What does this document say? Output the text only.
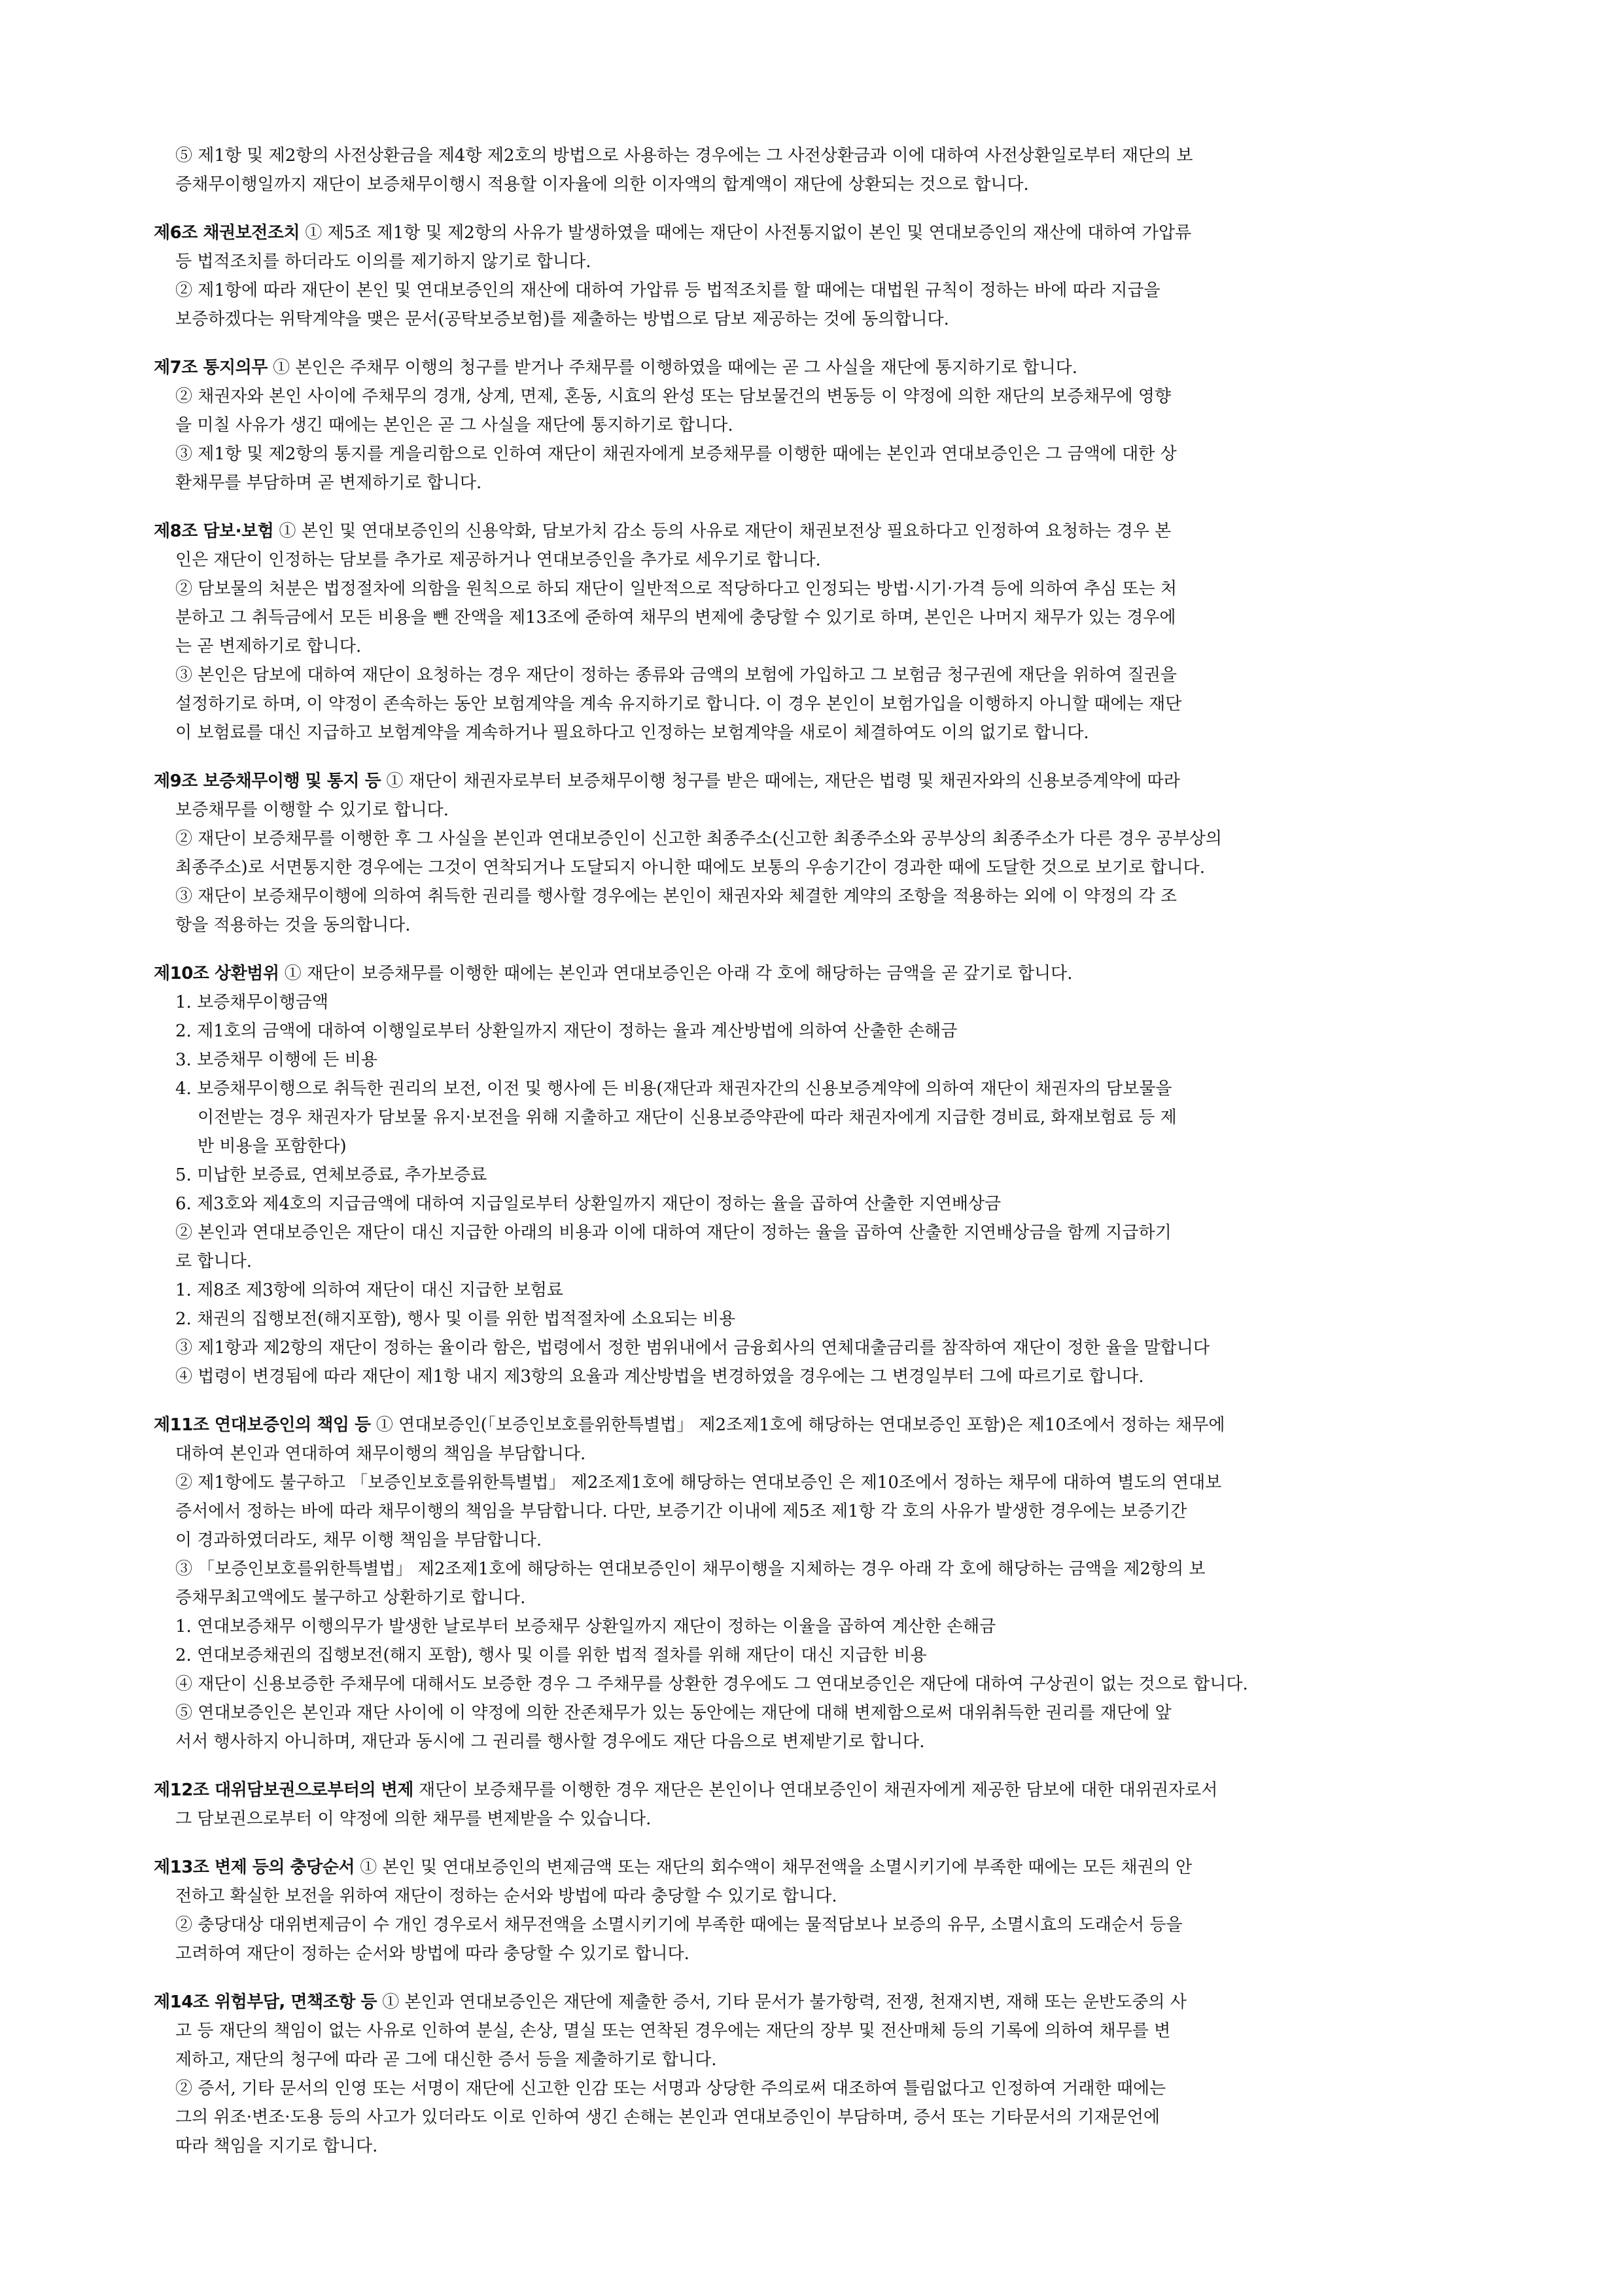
⑤ 제1항 및 제2항의 사전상환금을 제4항 제2호의 방법으로 사용하는 경우에는 그 사전상환금과 이에 대하여 사전상환일로부터 재단의 보
증채무이행일까지 재단이 보증채무이행시 적용할 이자율에 의한 이자액의 합계액이 재단에 상환되는 것으로 합니다.
제6조 채권보전조치 ① 제5조 제1항 및 제2항의 사유가 발생하였을 때에는 재단이 사전통지없이 본인 및 연대보증인의 재산에 대하여 가압류
등 법적조치를 하더라도 이의를 제기하지 않기로 합니다.
② 제1항에 따라 재단이 본인 및 연대보증인의 재산에 대하여 가압류 등 법적조치를 할 때에는 대법원 규칙이 정하는 바에 따라 지급을
보증하겠다는 위탁계약을 맺은 문서(공탁보증보험)를 제출하는 방법으로 담보 제공하는 것에 동의합니다.
제7조 통지의무 ① 본인은 주채무 이행의 청구를 받거나 주채무를 이행하였을 때에는 곧 그 사실을 재단에 통지하기로 합니다.
② 채권자와 본인 사이에 주채무의 경개, 상계, 면제, 혼동, 시효의 완성 또는 담보물건의 변동등 이 약정에 의한 재단의 보증채무에 영향
을 미칠 사유가 생긴 때에는 본인은 곧 그 사실을 재단에 통지하기로 합니다.
③ 제1항 및 제2항의 통지를 게을리함으로 인하여 재단이 채권자에게 보증채무를 이행한 때에는 본인과 연대보증인은 그 금액에 대한 상
환채무를 부담하며 곧 변제하기로 합니다.
제8조 담보·보험 ① 본인 및 연대보증인의 신용악화, 담보가치 감소 등의 사유로 재단이 채권보전상 필요하다고 인정하여 요청하는 경우 본
인은 재단이 인정하는 담보를 추가로 제공하거나 연대보증인을 추가로 세우기로 합니다.
② 담보물의 처분은 법정절차에 의함을 원칙으로 하되 재단이 일반적으로 적당하다고 인정되는 방법·시기·가격 등에 의하여 추심 또는 처
분하고 그 취득금에서 모든 비용을 뺀 잔액을 제13조에 준하여 채무의 변제에 충당할 수 있기로 하며, 본인은 나머지 채무가 있는 경우에
는 곧 변제하기로 합니다.
③ 본인은 담보에 대하여 재단이 요청하는 경우 재단이 정하는 종류와 금액의 보험에 가입하고 그 보험금 청구권에 재단을 위하여 질권을
설정하기로 하며, 이 약정이 존속하는 동안 보험계약을 계속 유지하기로 합니다. 이 경우 본인이 보험가입을 이행하지 아니할 때에는 재단
이 보험료를 대신 지급하고 보험계약을 계속하거나 필요하다고 인정하는 보험계약을 새로이 체결하여도 이의 없기로 합니다.
제9조 보증채무이행 및 통지 등 ① 재단이 채권자로부터 보증채무이행 청구를 받은 때에는, 재단은 법령 및 채권자와의 신용보증계약에 따라
보증채무를 이행할 수 있기로 합니다.
② 재단이 보증채무를 이행한 후 그 사실을 본인과 연대보증인이 신고한 최종주소(신고한 최종주소와 공부상의 최종주소가 다른 경우 공부상의
최종주소)로 서면통지한 경우에는 그것이 연착되거나 도달되지 아니한 때에도 보통의 우송기간이 경과한 때에 도달한 것으로 보기로 합니다.
③ 재단이 보증채무이행에 의하여 취득한 권리를 행사할 경우에는 본인이 채권자와 체결한 계약의 조항을 적용하는 외에 이 약정의 각 조
항을 적용하는 것을 동의합니다.
제10조 상환범위 ① 재단이 보증채무를 이행한 때에는 본인과 연대보증인은 아래 각 호에 해당하는 금액을 곧 갚기로 합니다.
1. 보증채무이행금액
2. 제1호의 금액에 대하여 이행일로부터 상환일까지 재단이 정하는 율과 계산방법에 의하여 산출한 손해금
3. 보증채무 이행에 든 비용
4. 보증채무이행으로 취득한 권리의 보전, 이전 및 행사에 든 비용(재단과 채권자간의 신용보증계약에 의하여 재단이 채권자의 담보물을
이전받는 경우 채권자가 담보물 유지·보전을 위해 지출하고 재단이 신용보증약관에 따라 채권자에게 지급한 경비료, 화재보험료 등 제
반 비용을 포함한다)
5. 미납한 보증료, 연체보증료, 추가보증료
6. 제3호와 제4호의 지급금액에 대하여 지급일로부터 상환일까지 재단이 정하는 율을 곱하여 산출한 지연배상금
② 본인과 연대보증인은 재단이 대신 지급한 아래의 비용과 이에 대하여 재단이 정하는 율을 곱하여 산출한 지연배상금을 함께 지급하기
로 합니다.
1. 제8조 제3항에 의하여 재단이 대신 지급한 보험료
2. 채권의 집행보전(해지포함), 행사 및 이를 위한 법적절차에 소요되는 비용
③ 제1항과 제2항의 재단이 정하는 율이라 함은, 법령에서 정한 범위내에서 금융회사의 연체대출금리를 참작하여 재단이 정한 율을 말합니다
④ 법령이 변경됨에 따라 재단이 제1항 내지 제3항의 요율과 계산방법을 변경하였을 경우에는 그 변경일부터 그에 따르기로 합니다.
제11조 연대보증인의 책임 등 ① 연대보증인(「보증인보호를위한특별법」 제2조제1호에 해당하는 연대보증인 포함)은 제10조에서 정하는 채무에
대하여 본인과 연대하여 채무이행의 책임을 부담합니다.
② 제1항에도 불구하고 「보증인보호를위한특별법」 제2조제1호에 해당하는 연대보증인 은 제10조에서 정하는 채무에 대하여 별도의 연대보
증서에서 정하는 바에 따라 채무이행의 책임을 부담합니다. 다만, 보증기간 이내에 제5조 제1항 각 호의 사유가 발생한 경우에는 보증기간
이 경과하였더라도, 채무 이행 책임을 부담합니다.
③ 「보증인보호를위한특별법」 제2조제1호에 해당하는 연대보증인이 채무이행을 지체하는 경우 아래 각 호에 해당하는 금액을 제2항의 보
증채무최고액에도 불구하고 상환하기로 합니다.
1. 연대보증채무 이행의무가 발생한 날로부터 보증채무 상환일까지 재단이 정하는 이율을 곱하여 계산한 손해금
2. 연대보증채권의 집행보전(해지 포함), 행사 및 이를 위한 법적 절차를 위해 재단이 대신 지급한 비용
④ 재단이 신용보증한 주채무에 대해서도 보증한 경우 그 주채무를 상환한 경우에도 그 연대보증인은 재단에 대하여 구상권이 없는 것으로 합니다.
⑤ 연대보증인은 본인과 재단 사이에 이 약정에 의한 잔존채무가 있는 동안에는 재단에 대해 변제함으로써 대위취득한 권리를 재단에 앞
서서 행사하지 아니하며, 재단과 동시에 그 권리를 행사할 경우에도 재단 다음으로 변제받기로 합니다.
제12조 대위담보권으로부터의 변제 재단이 보증채무를 이행한 경우 재단은 본인이나 연대보증인이 채권자에게 제공한 담보에 대한 대위권자로서
그 담보권으로부터 이 약정에 의한 채무를 변제받을 수 있습니다.
제13조 변제 등의 충당순서 ① 본인 및 연대보증인의 변제금액 또는 재단의 회수액이 채무전액을 소멸시키기에 부족한 때에는 모든 채권의 안
전하고 확실한 보전을 위하여 재단이 정하는 순서와 방법에 따라 충당할 수 있기로 합니다.
② 충당대상 대위변제금이 수 개인 경우로서 채무전액을 소멸시키기에 부족한 때에는 물적담보나 보증의 유무, 소멸시효의 도래순서 등을
고려하여 재단이 정하는 순서와 방법에 따라 충당할 수 있기로 합니다.
제14조 위험부담, 면책조항 등 ① 본인과 연대보증인은 재단에 제출한 증서, 기타 문서가 불가항력, 전쟁, 천재지변, 재해 또는 운반도중의 사
고 등 재단의 책임이 없는 사유로 인하여 분실, 손상, 멸실 또는 연착된 경우에는 재단의 장부 및 전산매체 등의 기록에 의하여 채무를 변
제하고, 재단의 청구에 따라 곧 그에 대신한 증서 등을 제출하기로 합니다.
② 증서, 기타 문서의 인영 또는 서명이 재단에 신고한 인감 또는 서명과 상당한 주의로써 대조하여 틀림없다고 인정하여 거래한 때에는
그의 위조·변조·도용 등의 사고가 있더라도 이로 인하여 생긴 손해는 본인과 연대보증인이 부담하며, 증서 또는 기타문서의 기재문언에
따라 책임을 지기로 합니다.
